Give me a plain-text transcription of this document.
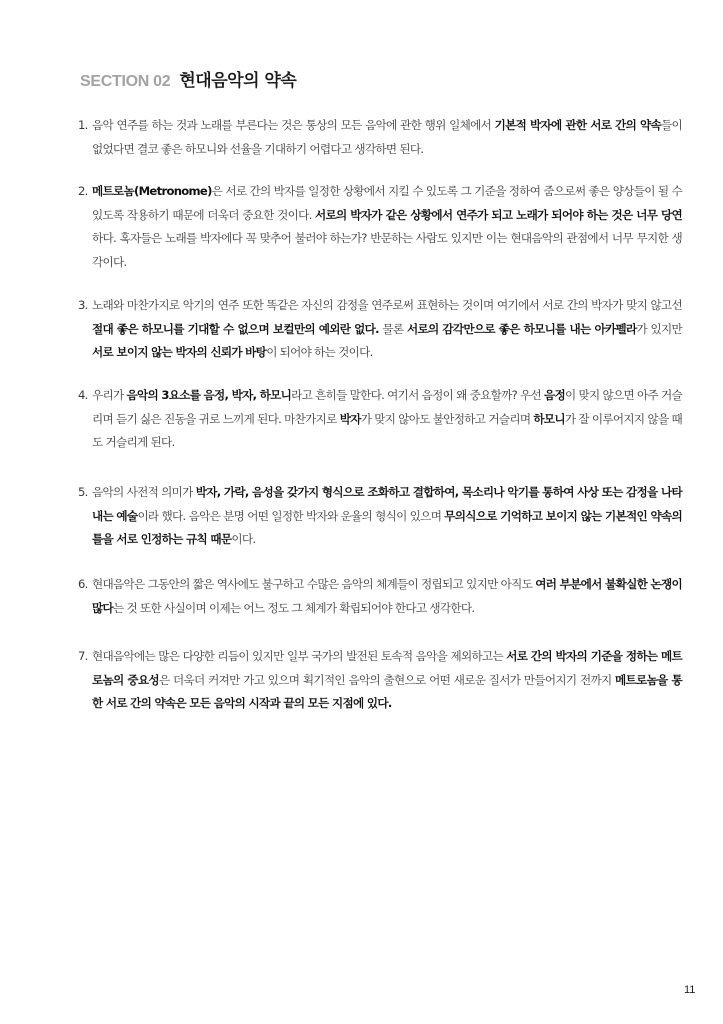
SECTION 02 현대음악의 약속
1. 음악 연주를 하는 것과 노래를 부른다는 것은 통상의 모든 음악에 관한 행위 일체에서 기본적 박자에 관한 서로 간의 약속들이 없었다면 결코 좋은 하모니와 선율을 기대하기 어렵다고 생각하면 된다.
2. 메트로놈(Metronome)은 서로 간의 박자를 일정한 상황에서 지킬 수 있도록 그 기준을 정하여 줌으로써 좋은 양상들이 될 수 있도록 작용하기 때문에 더욱더 중요한 것이다. 서로의 박자가 같은 상황에서 연주가 되고 노래가 되어야 하는 것은 너무 당연하다. 혹자들은 노래를 박자에다 꼭 맞추어 불러야 하는가? 반문하는 사람도 있지만 이는 현대음악의 관점에서 너무 무지한 생각이다.
3. 노래와 마찬가지로 악기의 연주 또한 똑같은 자신의 감정을 연주로써 표현하는 것이며 여기에서 서로 간의 박자가 맞지 않고선 절대 좋은 하모니를 기대할 수 없으며 보컬만의 예외란 없다. 물론 서로의 감각만으로 좋은 하모니를 내는 아카펠라가 있지만 서로 보이지 않는 박자의 신뢰가 바탕이 되어야 하는 것이다.
4. 우리가 음악의 3요소를 음정, 박자, 하모니라고 흔히들 말한다. 여기서 음정이 왜 중요할까? 우선 음정이 맞지 않으면 아주 거슬리며 듣기 싫은 진동을 귀로 느끼게 된다. 마찬가지로 박자가 맞지 않아도 불안정하고 거슬리며 하모니가 잘 이루어지지 않을 때도 거슬리게 된다.
5. 음악의 사전적 의미가 박자, 가락, 음성을 갖가지 형식으로 조화하고 결합하여, 목소리나 악기를 통하여 사상 또는 감정을 나타내는 예술이라 했다. 음악은 분명 어떤 일정한 박자와 운율의 형식이 있으며 무의식으로 기억하고 보이지 않는 기본적인 약속의 틀을 서로 인정하는 규칙 때문이다.
6. 현대음악은 그동안의 짧은 역사에도 불구하고 수많은 음악의 체계들이 정립되고 있지만 아직도 여러 부분에서 불확실한 논쟁이 많다는 것 또한 사실이며 이제는 어느 정도 그 체계가 확립되어야 한다고 생각한다.
7. 현대음악에는 많은 다양한 리듬이 있지만 일부 국가의 발전된 토속적 음악을 제외하고는 서로 간의 박자의 기준을 정하는 메트로놈의 중요성은 더욱더 커져만 가고 있으며 획기적인 음악의 출현으로 어떤 새로운 질서가 만들어지기 전까지 메트로놈을 통한 서로 간의 약속은 모든 음악의 시작과 끝의 모든 지점에 있다.
11
